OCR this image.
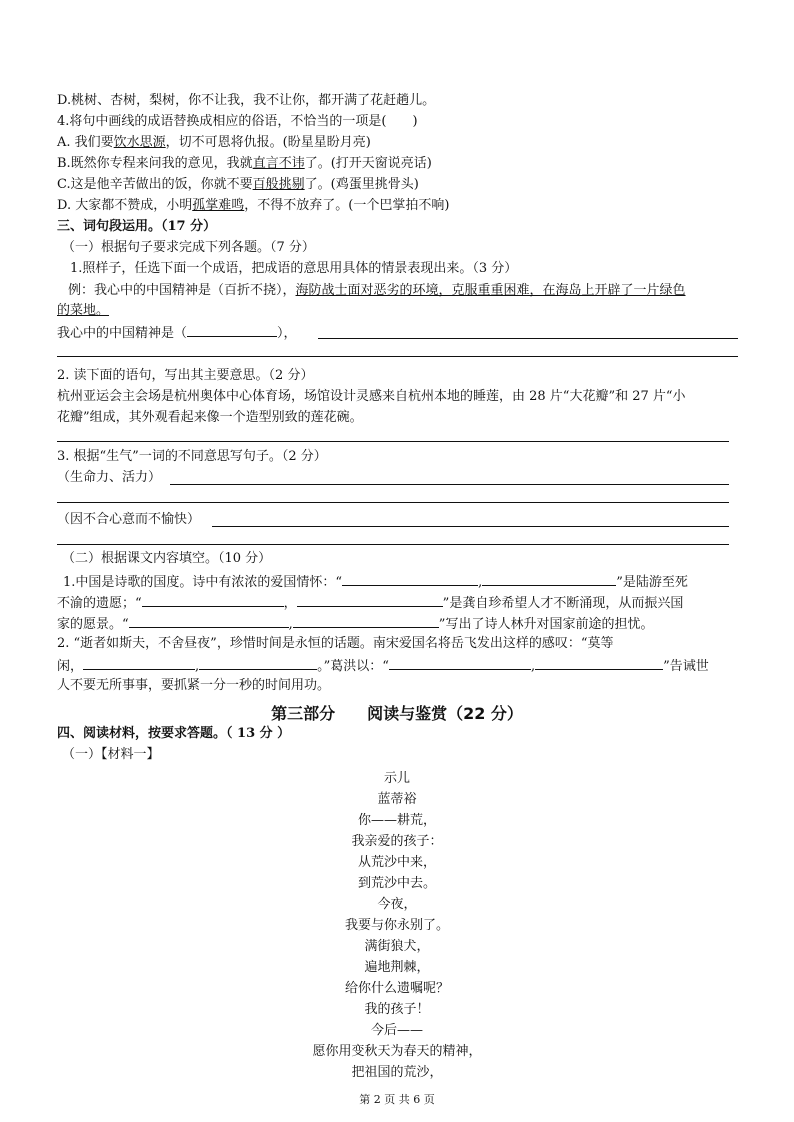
D.桃树、杏树，梨树，你不让我，我不让你，都开满了花赶趟儿。
4.将句中画线的成语替换成相应的俗语，不恰当的一项是(　　)
A. 我们要饮水思源，切不可恩将仇报。(盼星星盼月亮)
B.既然你专程来问我的意见，我就直言不讳了。(打开天窗说亮话)
C.这是他辛苦做出的饭，你就不要百般挑剔了。(鸡蛋里挑骨头)
D. 大家都不赞成，小明孤掌难鸣，不得不放弃了。(一个巴掌拍不响)
三、词句段运用。（17 分）
（一）根据句子要求完成下列各题。（7 分）
1.照样子，任选下面一个成语，把成语的意思用具体的情景表现出来。（3 分）
例：我心中的中国精神是（百折不挠），海防战士面对恶劣的环境，克服重重困难，在海岛上开辟了一片绿色
的菜地。
我心中的中国精神是（	），
2. 读下面的语句，写出其主要意思。（2 分）
杭州亚运会主会场是杭州奥体中心体育场，场馆设计灵感来自杭州本地的睡莲，由 28 片“大花瓣”和 27 片“小
花瓣”组成，其外观看起来像一个造型别致的莲花碗。
3. 根据“生气”一词的不同意思写句子。（2 分）
（生命力、活力）
（因不合心意而不愉快）
（二）根据课文内容填空。（10 分）
1.中国是诗歌的国度。诗中有浓浓的爱国情怀：“	,	”是陆游至死
不渝的遗愿；“	，	”是龚自珍希望人才不断涌现，从而振兴国
家的愿景。“	,	”写出了诗人林升对国家前途的担忧。
2. “逝者如斯夫，不舍昼夜”，珍惜时间是永恒的话题。南宋爱国名将岳飞发出这样的感叹：“莫等
闲，	,	。”葛洪以：“	,	”告诫世
人不要无所事事，要抓紧一分一秒的时间用功。
第三部分　　阅读与鉴赏（22 分）
四、阅读材料，按要求答题。（ 13 分 ）
（一）【材料一】
示儿
蓝蒂裕
你——耕荒，
我亲爱的孩子：
从荒沙中来，
到荒沙中去。
今夜，
我要与你永别了。
满街狼犬，
遍地荆棘，
给你什么遗嘱呢？
我的孩子！
今后——
愿你用变秋天为春天的精神，
把祖国的荒沙，
第 2 页 共 6 页
